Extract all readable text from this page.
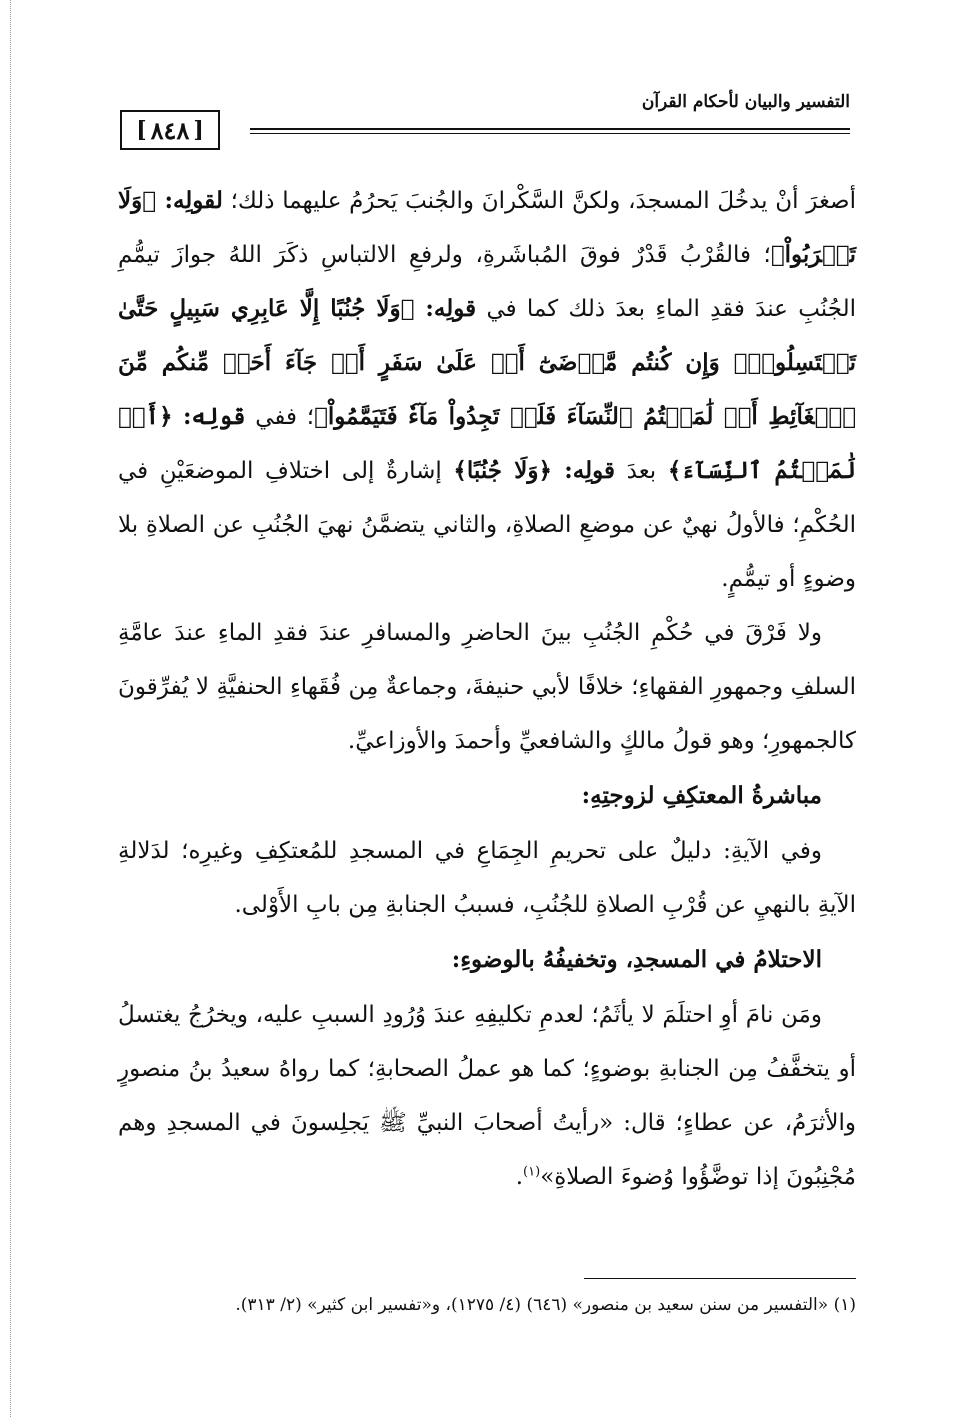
التفسير والبيان لأحكام القرآن
[ ٨٤٨ ]

أصغرَ أنْ يدخُلَ المسجدَ، ولكنَّ السَّكْرانَ والجُنبَ يَحرُمُ عليهما ذلك؛ لقولِه: ﴿وَلَا تَقۡرَبُواْ﴾؛ فالقُرْبُ قَدْرٌ فوقَ المُباشَرةِ، ولرفعِ الالتباسِ ذكَرَ اللهُ جوازَ تيمُّمِ الجُنُبِ عندَ فقدِ الماءِ بعدَ ذلك كما في قولِه: ﴿وَلَا جُنُبًا إِلَّا عَابِرِي سَبِيلٍ حَتَّىٰ تَغۡتَسِلُواْۚ وَإِن كُنتُم مَّرۡضَىٰٓ أَوۡ عَلَىٰ سَفَرٍ أَوۡ جَآءَ أَحَدٞ مِّنكُم مِّنَ ٱلۡغَآئِطِ أَوۡ لَٰمَسۡتُمُ ٱلنِّسَآءَ فَلَمۡ تَجِدُواْ مَآءٗ فَتَيَمَّمُواْ﴾؛ ففي قولِه: ﴿أَوۡ لَٰمَسۡتُمُ ٱلنِّسَآءَ﴾ بعدَ قولِه: ﴿وَلَا جُنُبًا﴾ إشارةٌ إلى اختلافِ الموضعَيْنِ في الحُكْمِ؛ فالأولُ نهيٌ عن موضعِ الصلاةِ، والثاني يتضمَّنُ نهيَ الجُنُبِ عن الصلاةِ بلا وضوءٍ أو تيمُّمٍ.

ولا فَرْقَ في حُكْمِ الجُنُبِ بينَ الحاضرِ والمسافرِ عندَ فقدِ الماءِ عندَ عامَّةِ السلفِ وجمهورِ الفقهاءِ؛ خلافًا لأبي حنيفةَ، وجماعةٌ مِن فُقَهاءِ الحنفيَّةِ لا يُفرِّقونَ كالجمهورِ؛ وهو قولُ مالكٍ والشافعيِّ وأحمدَ والأوزاعيِّ.

مباشرةُ المعتكِفِ لزوجتِهِ:

وفي الآيةِ: دليلٌ على تحريمِ الجِمَاعِ في المسجدِ للمُعتكِفِ وغيرِه؛ لدَلالةِ الآيةِ بالنهيِ عن قُرْبِ الصلاةِ للجُنُبِ، فسببُ الجنابةِ مِن بابِ الأَوْلى.

الاحتلامُ في المسجدِ، وتخفيفُهُ بالوضوءِ:

ومَن نامَ أوِ احتلَمَ لا يأثَمُ؛ لعدمِ تكليفِهِ عندَ وُرُودِ السببِ عليه، ويخرُجُ يغتسلُ أو يتخفَّفُ مِن الجنابةِ بوضوءٍ؛ كما هو عملُ الصحابةِ؛ كما رواهُ سعيدُ بنُ منصورٍ والأثرَمُ، عن عطاءٍ؛ قال: «رأيتُ أصحابَ النبيِّ ﷺ يَجلِسونَ في المسجدِ وهم مُجْنِبُونَ إذا توضَّؤُوا وُضوءَ الصلاةِ»$^{(١)}$.

(١) «التفسير من سنن سعيد بن منصور» (٦٤٦) (٤/ ١٢٧٥)، و«تفسير ابن كثير» (٢/ ٣١٣).
